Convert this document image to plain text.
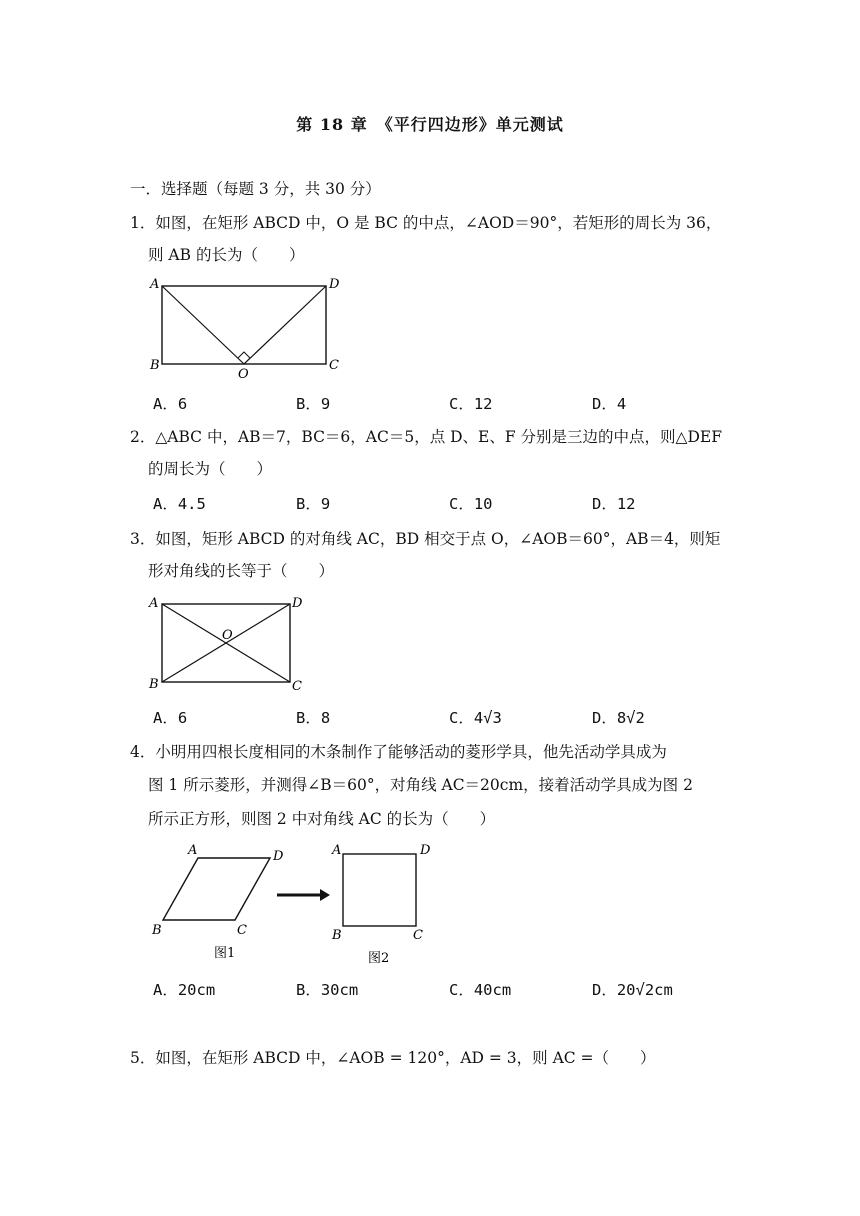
第 18 章　《平行四边形》单元测试
一．选择题（每题 3 分，共 30 分）
1．如图，在矩形 ABCD 中，O 是 BC 的中点，∠AOD＝90°，若矩形的周长为 36，
则 AB 的长为（　　）
A	D
B	C
O
A．6	B．9	C．12	D．4
2．△ABC 中，AB＝7，BC＝6，AC＝5，点 D、E、F 分别是三边的中点，则△DEF
的周长为（　　）
A．4.5	B．9	C．10	D．12
3．如图，矩形 ABCD 的对角线 AC，BD 相交于点 O，∠AOB＝60°，AB＝4，则矩
形对角线的长等于（　　）
A	D
B	C
O
A．6	B．8	C．4√3	D．8√2
4．小明用四根长度相同的木条制作了能够活动的菱形学具，他先活动学具成为
图 1 所示菱形，并测得∠B＝60°，对角线 AC＝20cm，接着活动学具成为图 2
所示正方形，则图 2 中对角线 AC 的长为（　　）
A	D
B	C
图1
A	D
B	C
图2
A．20cm	B．30cm	C．40cm	D．20√2cm
5．如图，在矩形 ABCD 中，∠AOB = 120°，AD = 3，则 AC =（　　）
